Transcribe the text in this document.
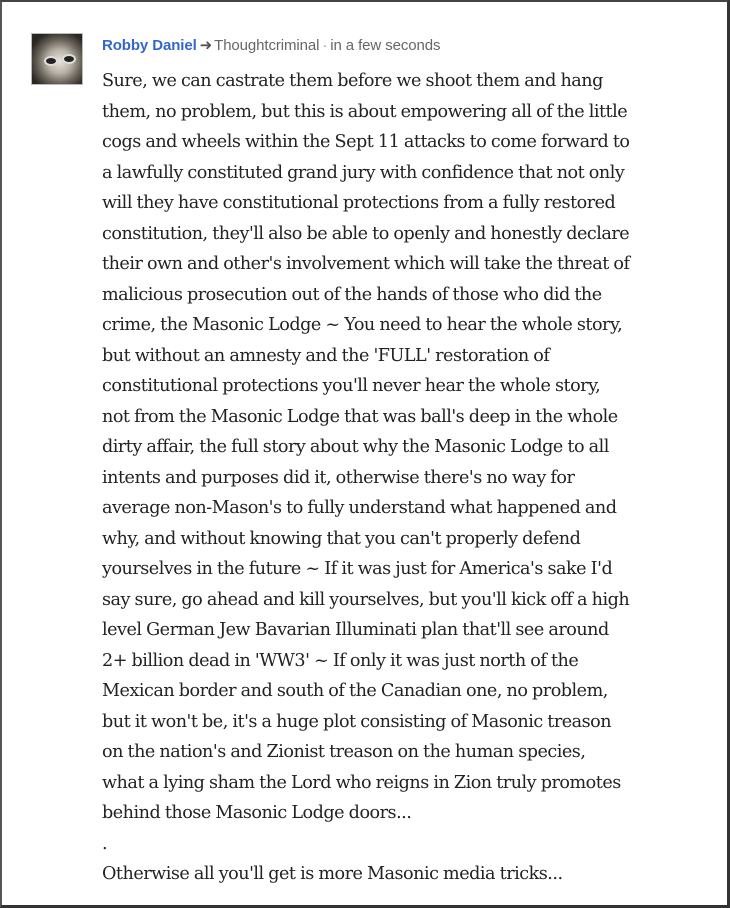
Robby Daniel ➜ Thoughtcriminal · in a few seconds
Sure, we can castrate them before we shoot them and hang
them, no problem, but this is about empowering all of the little
cogs and wheels within the Sept 11 attacks to come forward to
a lawfully constituted grand jury with confidence that not only
will they have constitutional protections from a fully restored
constitution, they'll also be able to openly and honestly declare
their own and other's involvement which will take the threat of
malicious prosecution out of the hands of those who did the
crime, the Masonic Lodge ~ You need to hear the whole story,
but without an amnesty and the 'FULL' restoration of
constitutional protections you'll never hear the whole story,
not from the Masonic Lodge that was ball's deep in the whole
dirty affair, the full story about why the Masonic Lodge to all
intents and purposes did it, otherwise there's no way for
average non-Mason's to fully understand what happened and
why, and without knowing that you can't properly defend
yourselves in the future ~ If it was just for America's sake I'd
say sure, go ahead and kill yourselves, but you'll kick off a high
level German Jew Bavarian Illuminati plan that'll see around
2+ billion dead in 'WW3' ~ If only it was just north of the
Mexican border and south of the Canadian one, no problem,
but it won't be, it's a huge plot consisting of Masonic treason
on the nation's and Zionist treason on the human species,
what a lying sham the Lord who reigns in Zion truly promotes
behind those Masonic Lodge doors...
.
Otherwise all you'll get is more Masonic media tricks...
